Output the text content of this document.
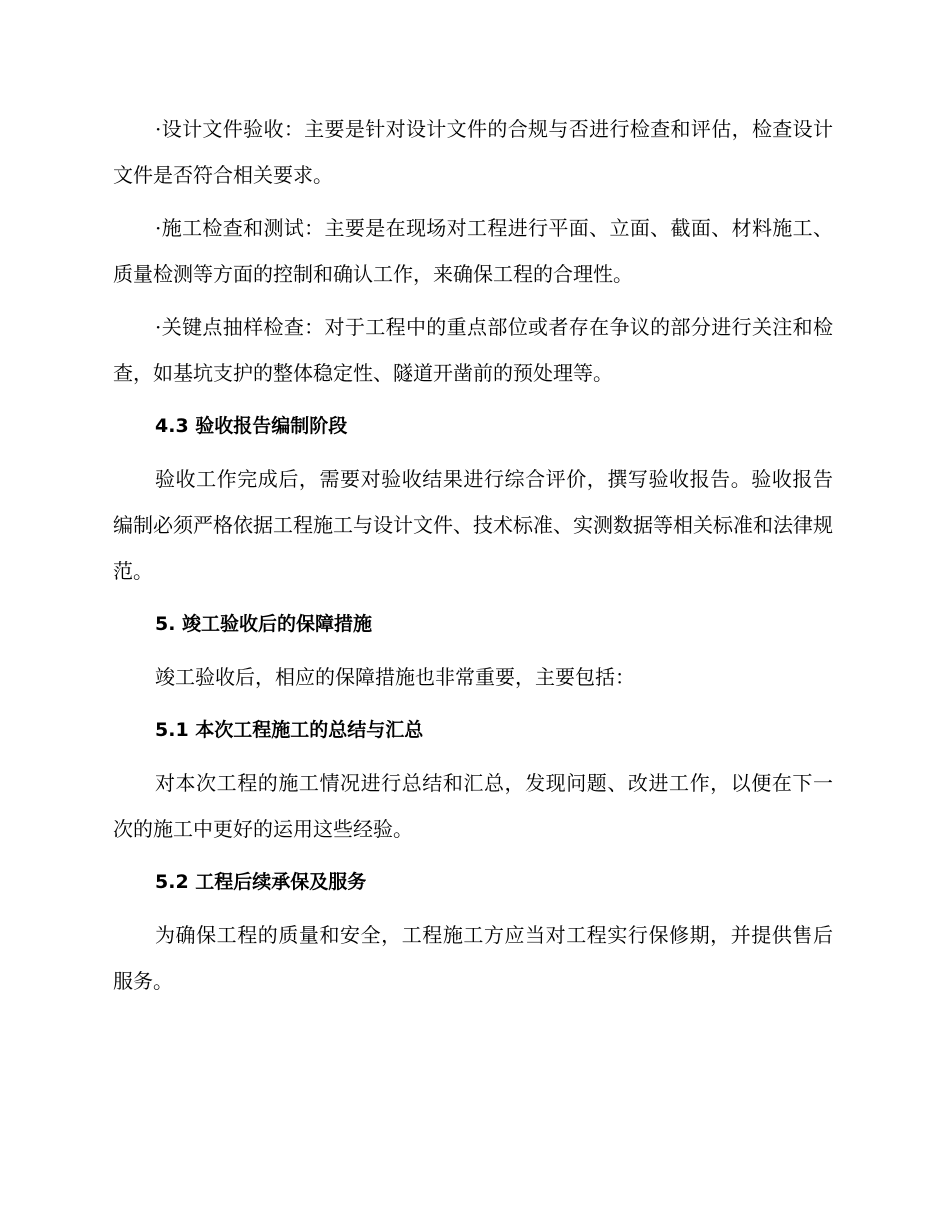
·设计文件验收：主要是针对设计文件的合规与否进行检查和评估，检查设计文件是否符合相关要求。

·施工检查和测试：主要是在现场对工程进行平面、立面、截面、材料施工、质量检测等方面的控制和确认工作，来确保工程的合理性。

·关键点抽样检查：对于工程中的重点部位或者存在争议的部分进行关注和检查，如基坑支护的整体稳定性、隧道开凿前的预处理等。

4.3 验收报告编制阶段

验收工作完成后，需要对验收结果进行综合评价，撰写验收报告。验收报告编制必须严格依据工程施工与设计文件、技术标准、实测数据等相关标准和法律规范。

5. 竣工验收后的保障措施

竣工验收后，相应的保障措施也非常重要，主要包括：

5.1 本次工程施工的总结与汇总

对本次工程的施工情况进行总结和汇总，发现问题、改进工作，以便在下一次的施工中更好的运用这些经验。

5.2 工程后续承保及服务

为确保工程的质量和安全，工程施工方应当对工程实行保修期，并提供售后服务。
